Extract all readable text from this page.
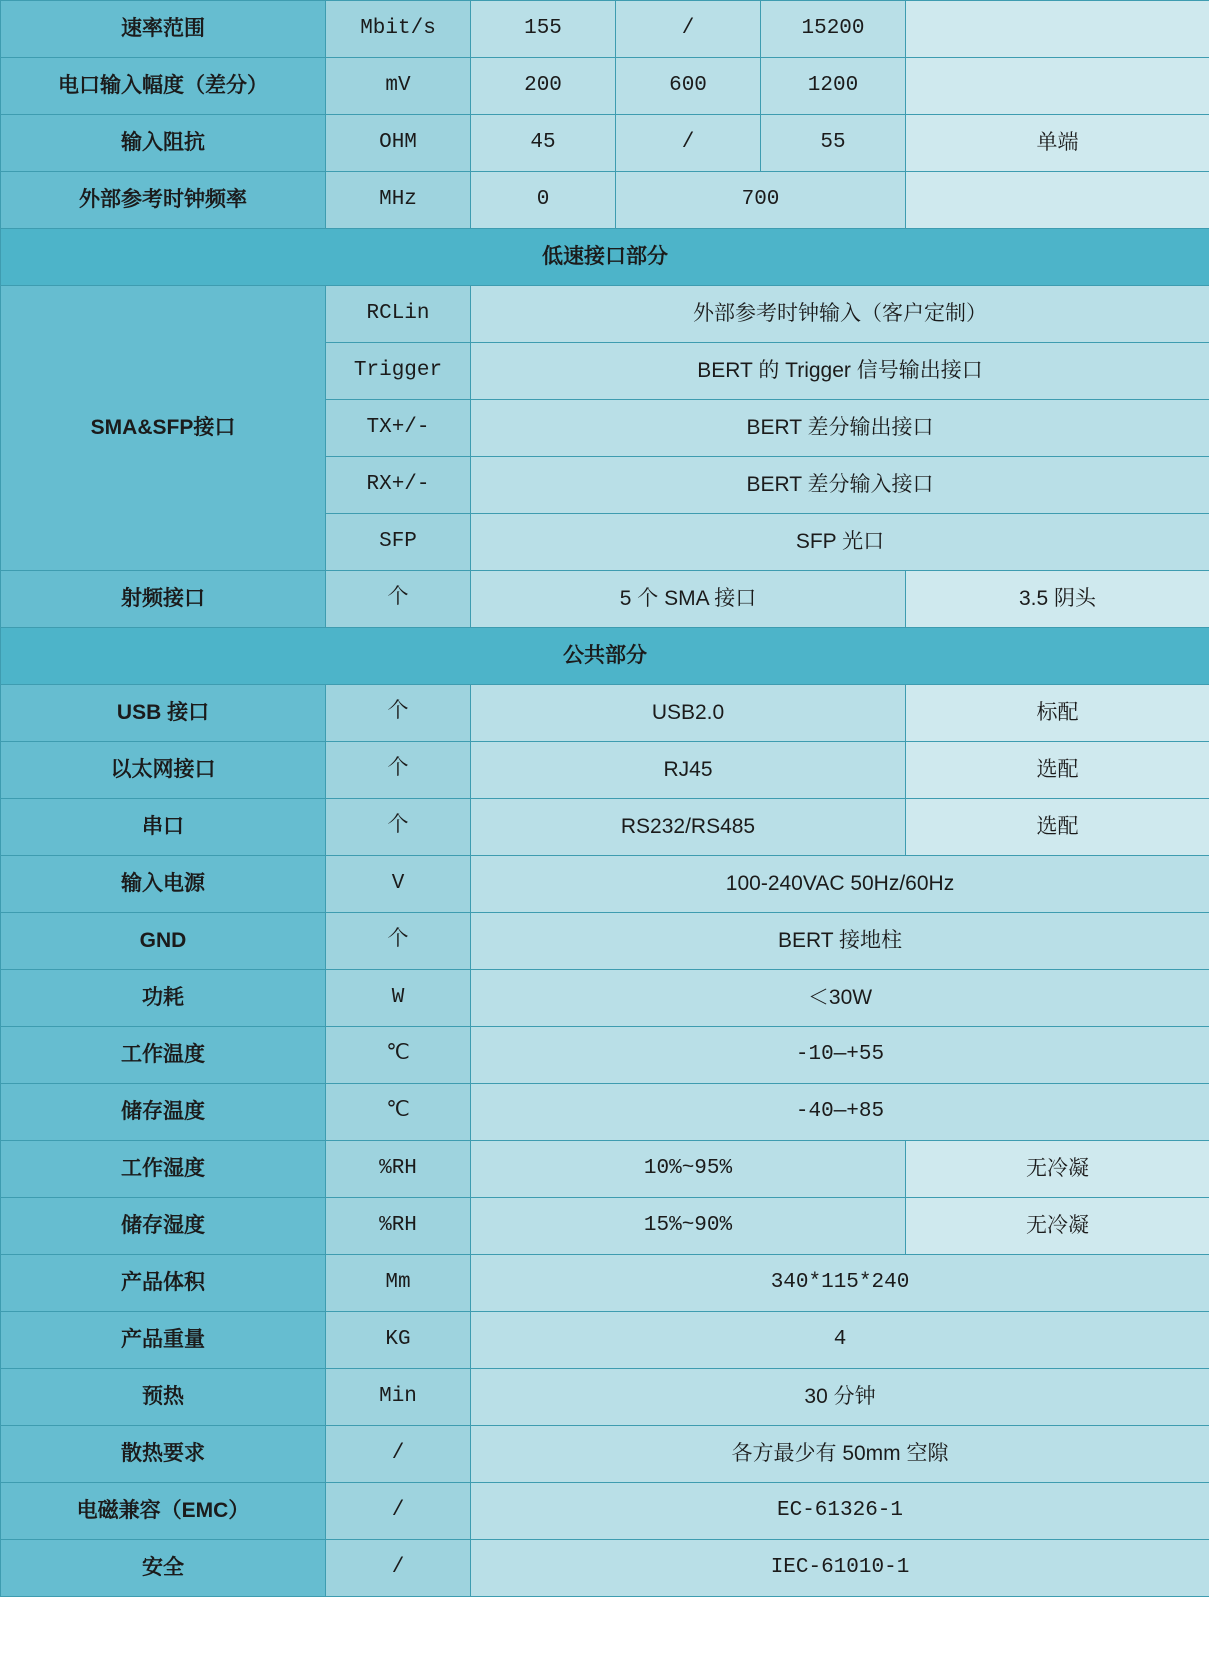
速率范围	Mbit/s	155	/	15200	
电口输入幅度（差分）	mV	200	600	1200	
输入阻抗	OHM	45	/	55	单端
外部参考时钟频率	MHz	0	700		
低速接口部分					
SMA&SFP接口	RCLin	外部参考时钟输入（客户定制）			
	Trigger	BERT 的 Trigger 信号输出接口			
	TX+/-	BERT 差分输出接口			
	RX+/-	BERT 差分输入接口			
	SFP	SFP 光口			
射频接口	个	5 个 SMA 接口			3.5 阴头
公共部分					
USB 接口	个	USB2.0			标配
以太网接口	个	RJ45			选配
串口	个	RS232/RS485			选配
输入电源	V	100-240VAC 50Hz/60Hz			
GND	个	BERT 接地柱			
功耗	W	＜30W			
工作温度	℃	-10—+55			
储存温度	℃	-40—+85			
工作湿度	%RH	10%~95%			无冷凝
储存湿度	%RH	15%~90%			无冷凝
产品体积	Mm	340*115*240			
产品重量	KG	4			
预热	Min	30 分钟			
散热要求	/	各方最少有 50mm 空隙			
电磁兼容（EMC）	/	EC-61326-1			
安全	/	IEC-61010-1			
